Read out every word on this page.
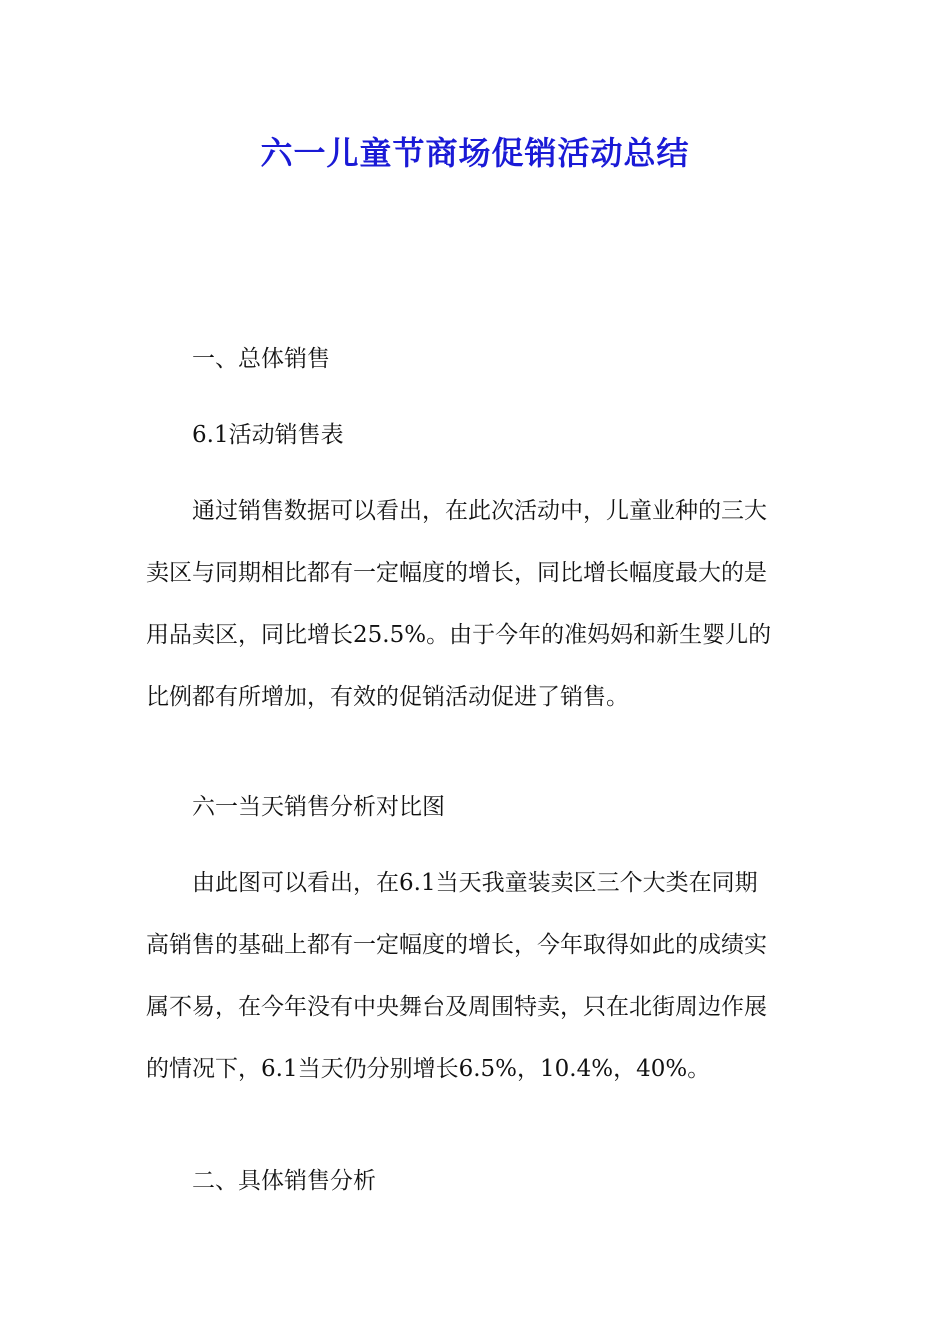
六一儿童节商场促销活动总结
一、总体销售
6.1活动销售表
通过销售数据可以看出，在此次活动中，儿童业种的三大
卖区与同期相比都有一定幅度的增长，同比增长幅度最大的是
用品卖区，同比增长25.5%。由于今年的准妈妈和新生婴儿的
比例都有所增加，有效的促销活动促进了销售。
六一当天销售分析对比图
由此图可以看出，在6.1当天我童装卖区三个大类在同期
高销售的基础上都有一定幅度的增长，今年取得如此的成绩实
属不易，在今年没有中央舞台及周围特卖，只在北街周边作展
的情况下，6.1当天仍分别增长6.5%，10.4%，40%。
二、具体销售分析
